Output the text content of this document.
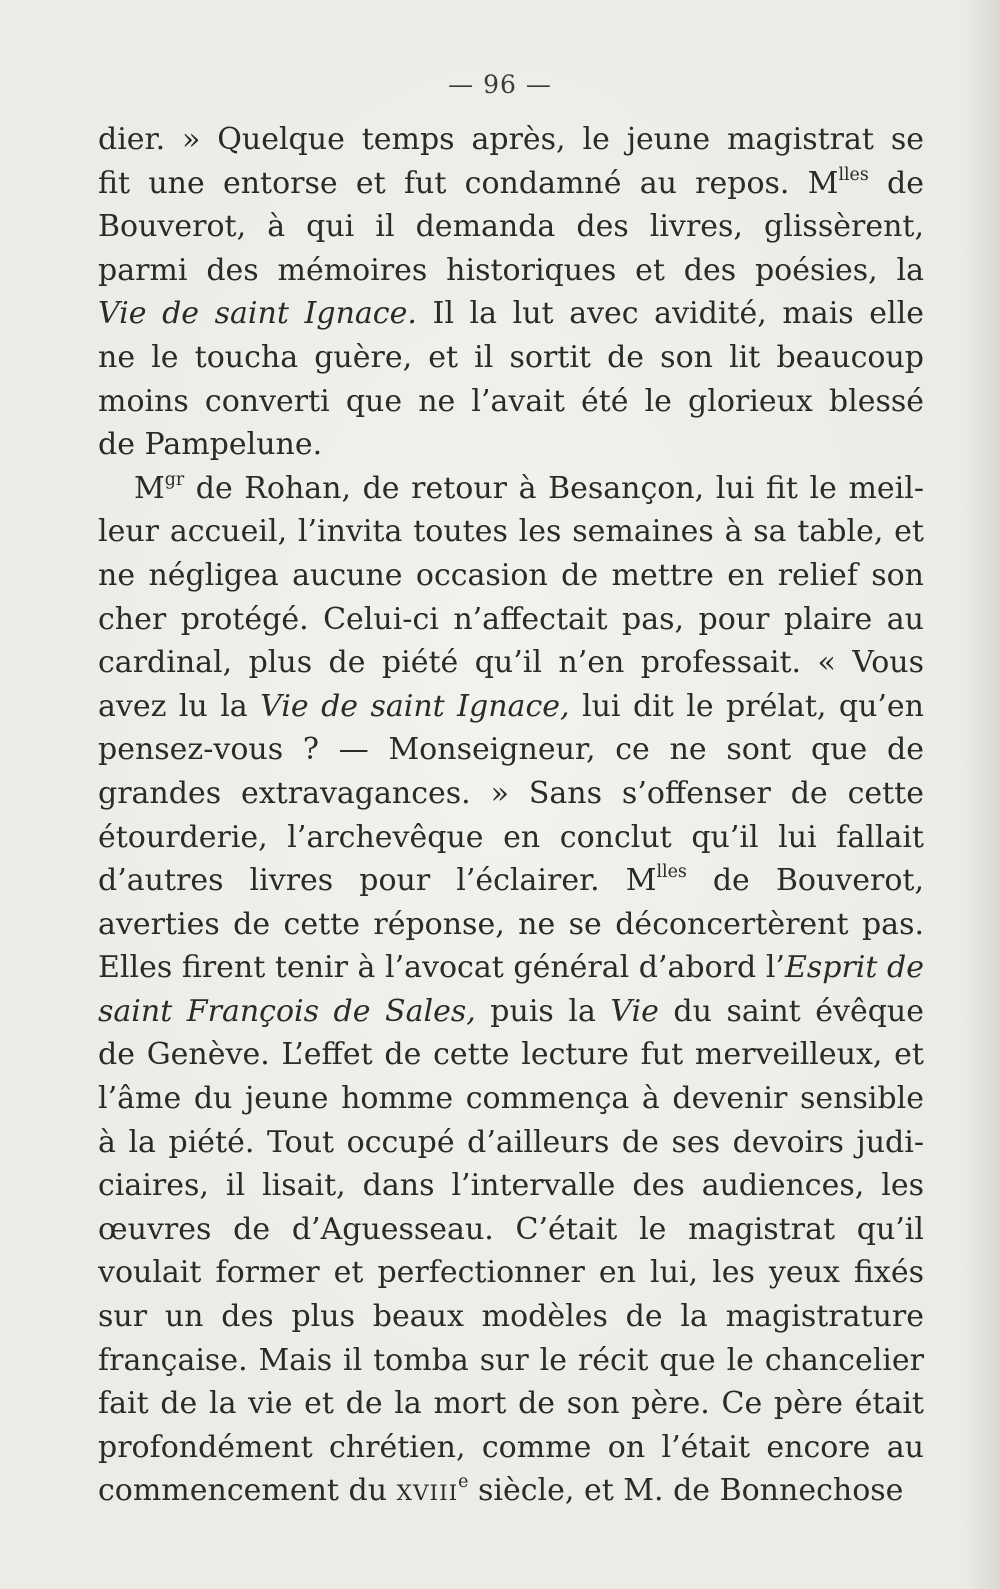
— 96 —
dier. » Quelque temps après, le jeune magistrat se
fit une entorse et fut condamné au repos. $M^{lles}$ de
Bouverot, à qui il demanda des livres, glissèrent,
parmi des mémoires historiques et des poésies, la
Vie de saint Ignace. Il la lut avec avidité, mais elle
ne le toucha guère, et il sortit de son lit beaucoup
moins converti que ne l’avait été le glorieux blessé
de Pampelune.
$M^{gr}$ de Rohan, de retour à Besançon, lui fit le meil-
leur accueil, l’invita toutes les semaines à sa table, et
ne négligea aucune occasion de mettre en relief son
cher protégé. Celui-ci n’affectait pas, pour plaire au
cardinal, plus de piété qu’il n’en professait. « Vous
avez lu la Vie de saint Ignace, lui dit le prélat, qu’en
pensez-vous ? — Monseigneur, ce ne sont que de
grandes extravagances. » Sans s’offenser de cette
étourderie, l’archevêque en conclut qu’il lui fallait
d’autres livres pour l’éclairer. $M^{lles}$ de Bouverot,
averties de cette réponse, ne se déconcertèrent pas.
Elles firent tenir à l’avocat général d’abord l’Esprit de
saint François de Sales, puis la Vie du saint évêque
de Genève. L’effet de cette lecture fut merveilleux, et
l’âme du jeune homme commença à devenir sensible
à la piété. Tout occupé d’ailleurs de ses devoirs judi-
ciaires, il lisait, dans l’intervalle des audiences, les
œuvres de d’Aguesseau. C’était le magistrat qu’il
voulait former et perfectionner en lui, les yeux fixés
sur un des plus beaux modèles de la magistrature
française. Mais il tomba sur le récit que le chancelier
fait de la vie et de la mort de son père. Ce père était
profondément chrétien, comme on l’était encore au
commencement du XVIIIe siècle, et M. de Bonnechose
